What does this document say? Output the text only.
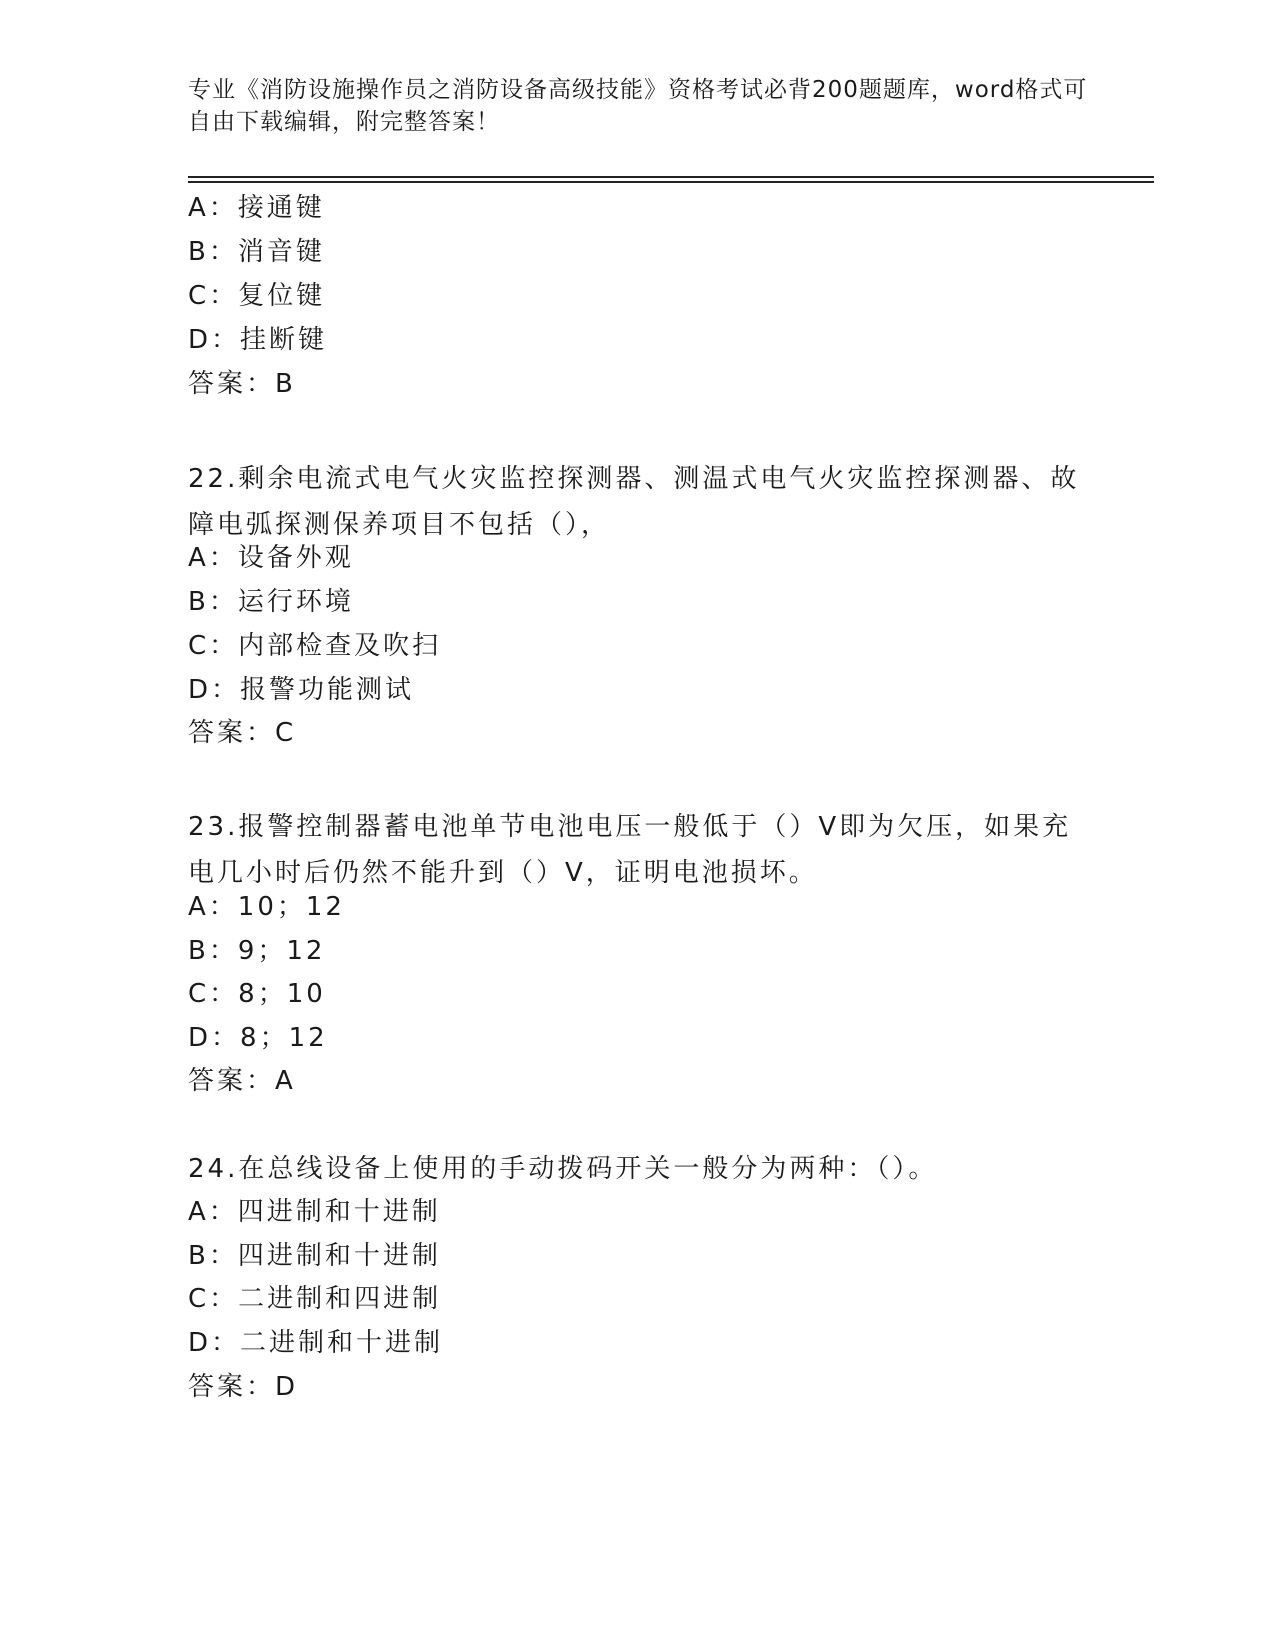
专业《消防设施操作员之消防设备高级技能》资格考试必背200题题库，word格式可自由下载编辑，附完整答案！
A：接通键
B：消音键
C：复位键
D：挂断键
答案：B
22.剩余电流式电气火灾监控探测器、测温式电气火灾监控探测器、故障电弧探测保养项目不包括（），
A：设备外观
B：运行环境
C：内部检查及吹扫
D：报警功能测试
答案：C
23.报警控制器蓄电池单节电池电压一般低于（）V即为欠压，如果充电几小时后仍然不能升到（）V，证明电池损坏。
A：10；12
B：9；12
C：8；10
D：8；12
答案：A
24.在总线设备上使用的手动拨码开关一般分为两种：（）。
A：四进制和十进制
B：四进制和十进制
C：二进制和四进制
D：二进制和十进制
答案：D
